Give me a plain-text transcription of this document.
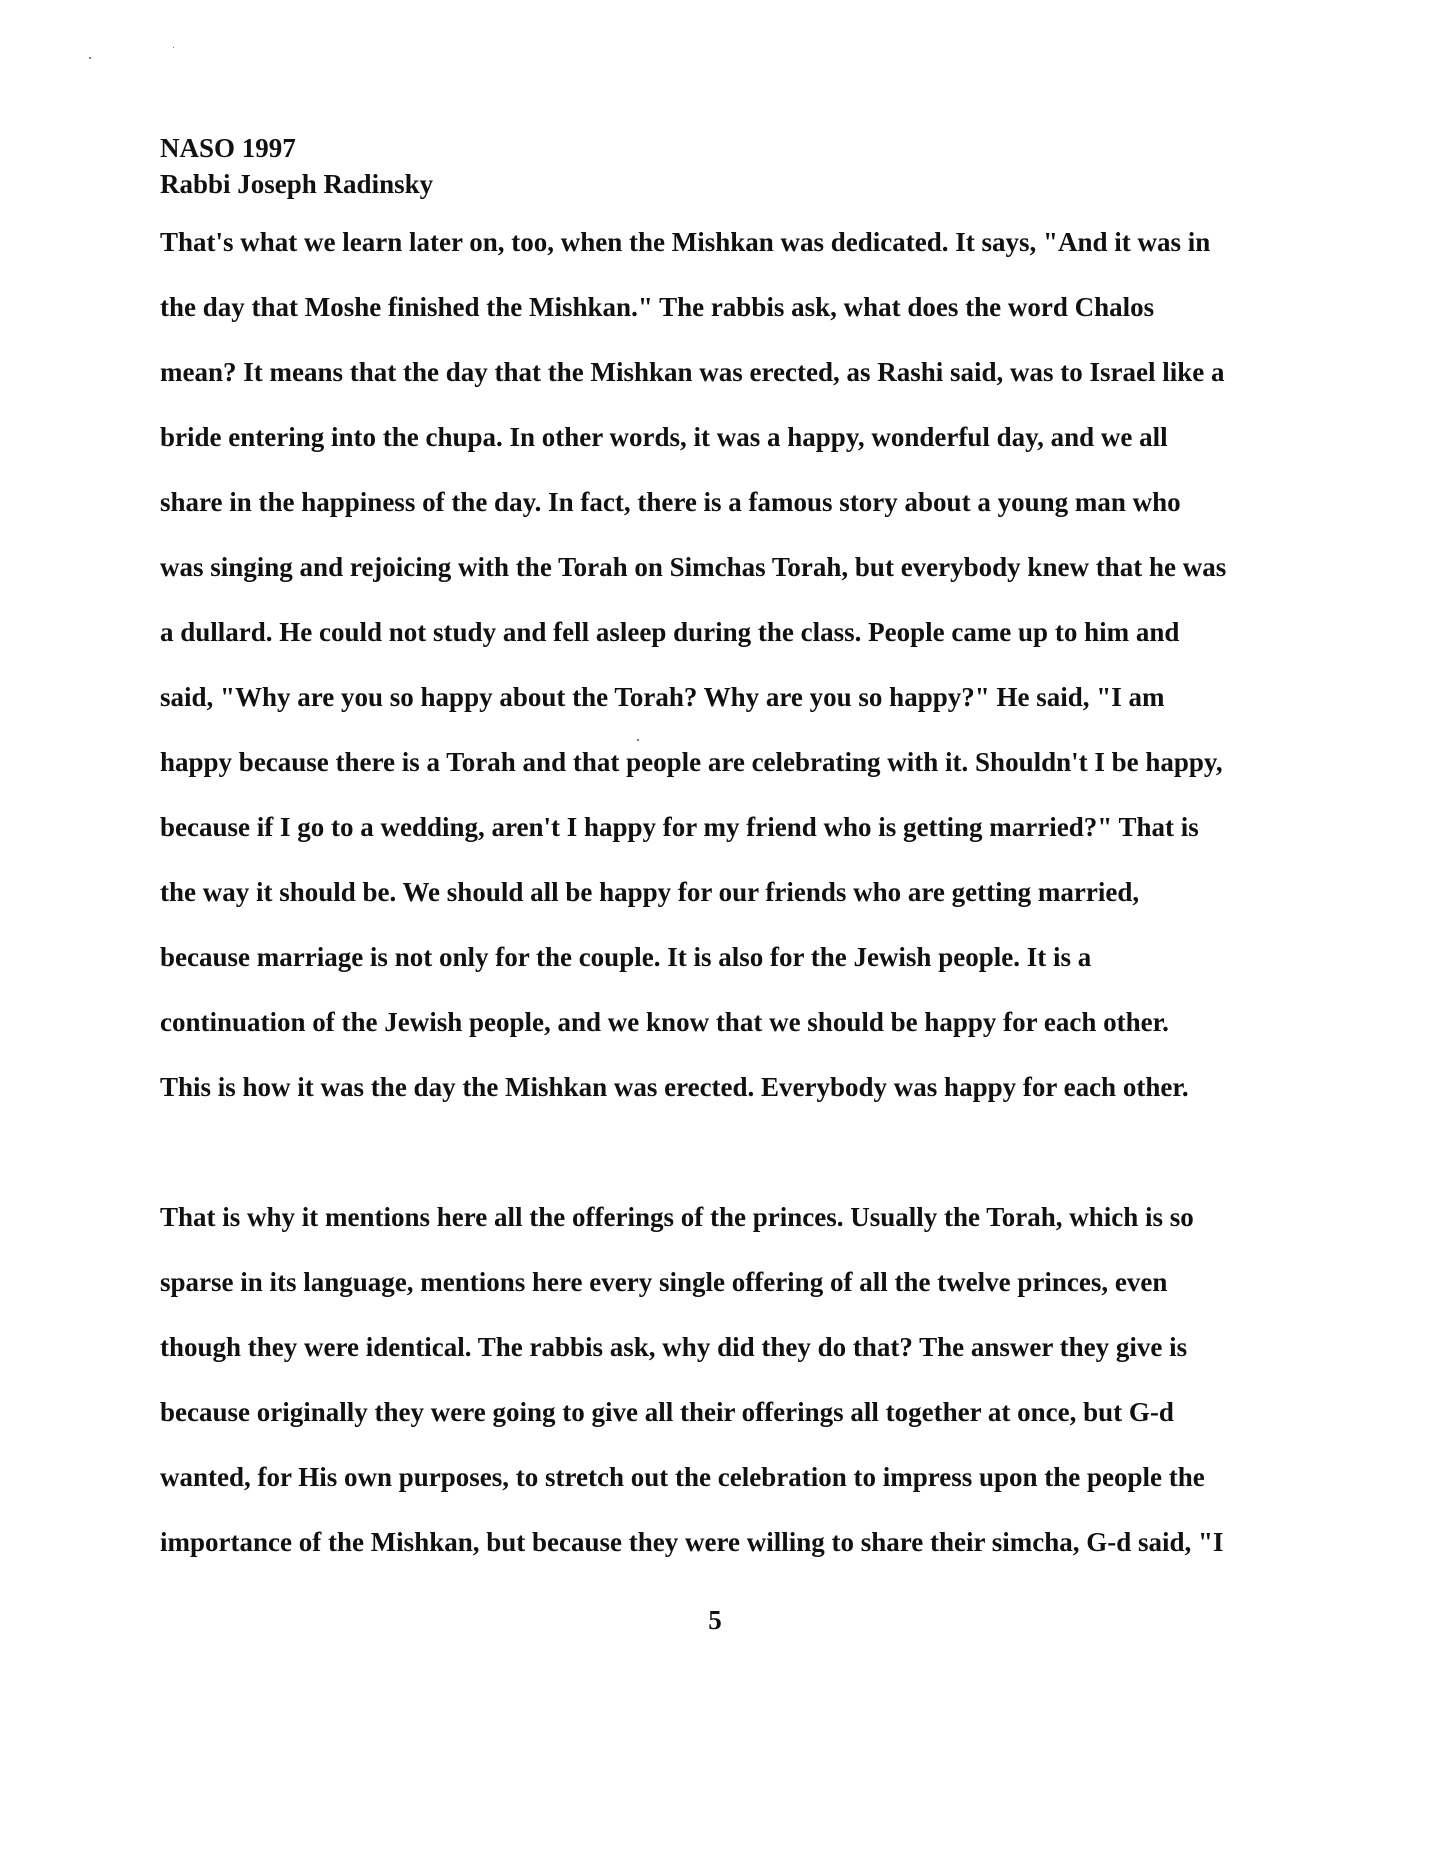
NASO 1997
Rabbi Joseph Radinsky
That's what we learn later on, too, when the Mishkan was dedicated. It says, "And it was in
the day that Moshe finished the Mishkan." The rabbis ask, what does the word Chalos
mean? It means that the day that the Mishkan was erected, as Rashi said, was to Israel like a
bride entering into the chupa. In other words, it was a happy, wonderful day, and we all
share in the happiness of the day. In fact, there is a famous story about a young man who
was singing and rejoicing with the Torah on Simchas Torah, but everybody knew that he was
a dullard. He could not study and fell asleep during the class. People came up to him and
said, "Why are you so happy about the Torah? Why are you so happy?" He said, "I am
happy because there is a Torah and that people are celebrating with it. Shouldn't I be happy,
because if I go to a wedding, aren't I happy for my friend who is getting married?" That is
the way it should be. We should all be happy for our friends who are getting married,
because marriage is not only for the couple. It is also for the Jewish people. It is a
continuation of the Jewish people, and we know that we should be happy for each other.
This is how it was the day the Mishkan was erected. Everybody was happy for each other.
That is why it mentions here all the offerings of the princes. Usually the Torah, which is so
sparse in its language, mentions here every single offering of all the twelve princes, even
though they were identical. The rabbis ask, why did they do that? The answer they give is
because originally they were going to give all their offerings all together at once, but G-d
wanted, for His own purposes, to stretch out the celebration to impress upon the people the
importance of the Mishkan, but because they were willing to share their simcha, G-d said, "I
5
